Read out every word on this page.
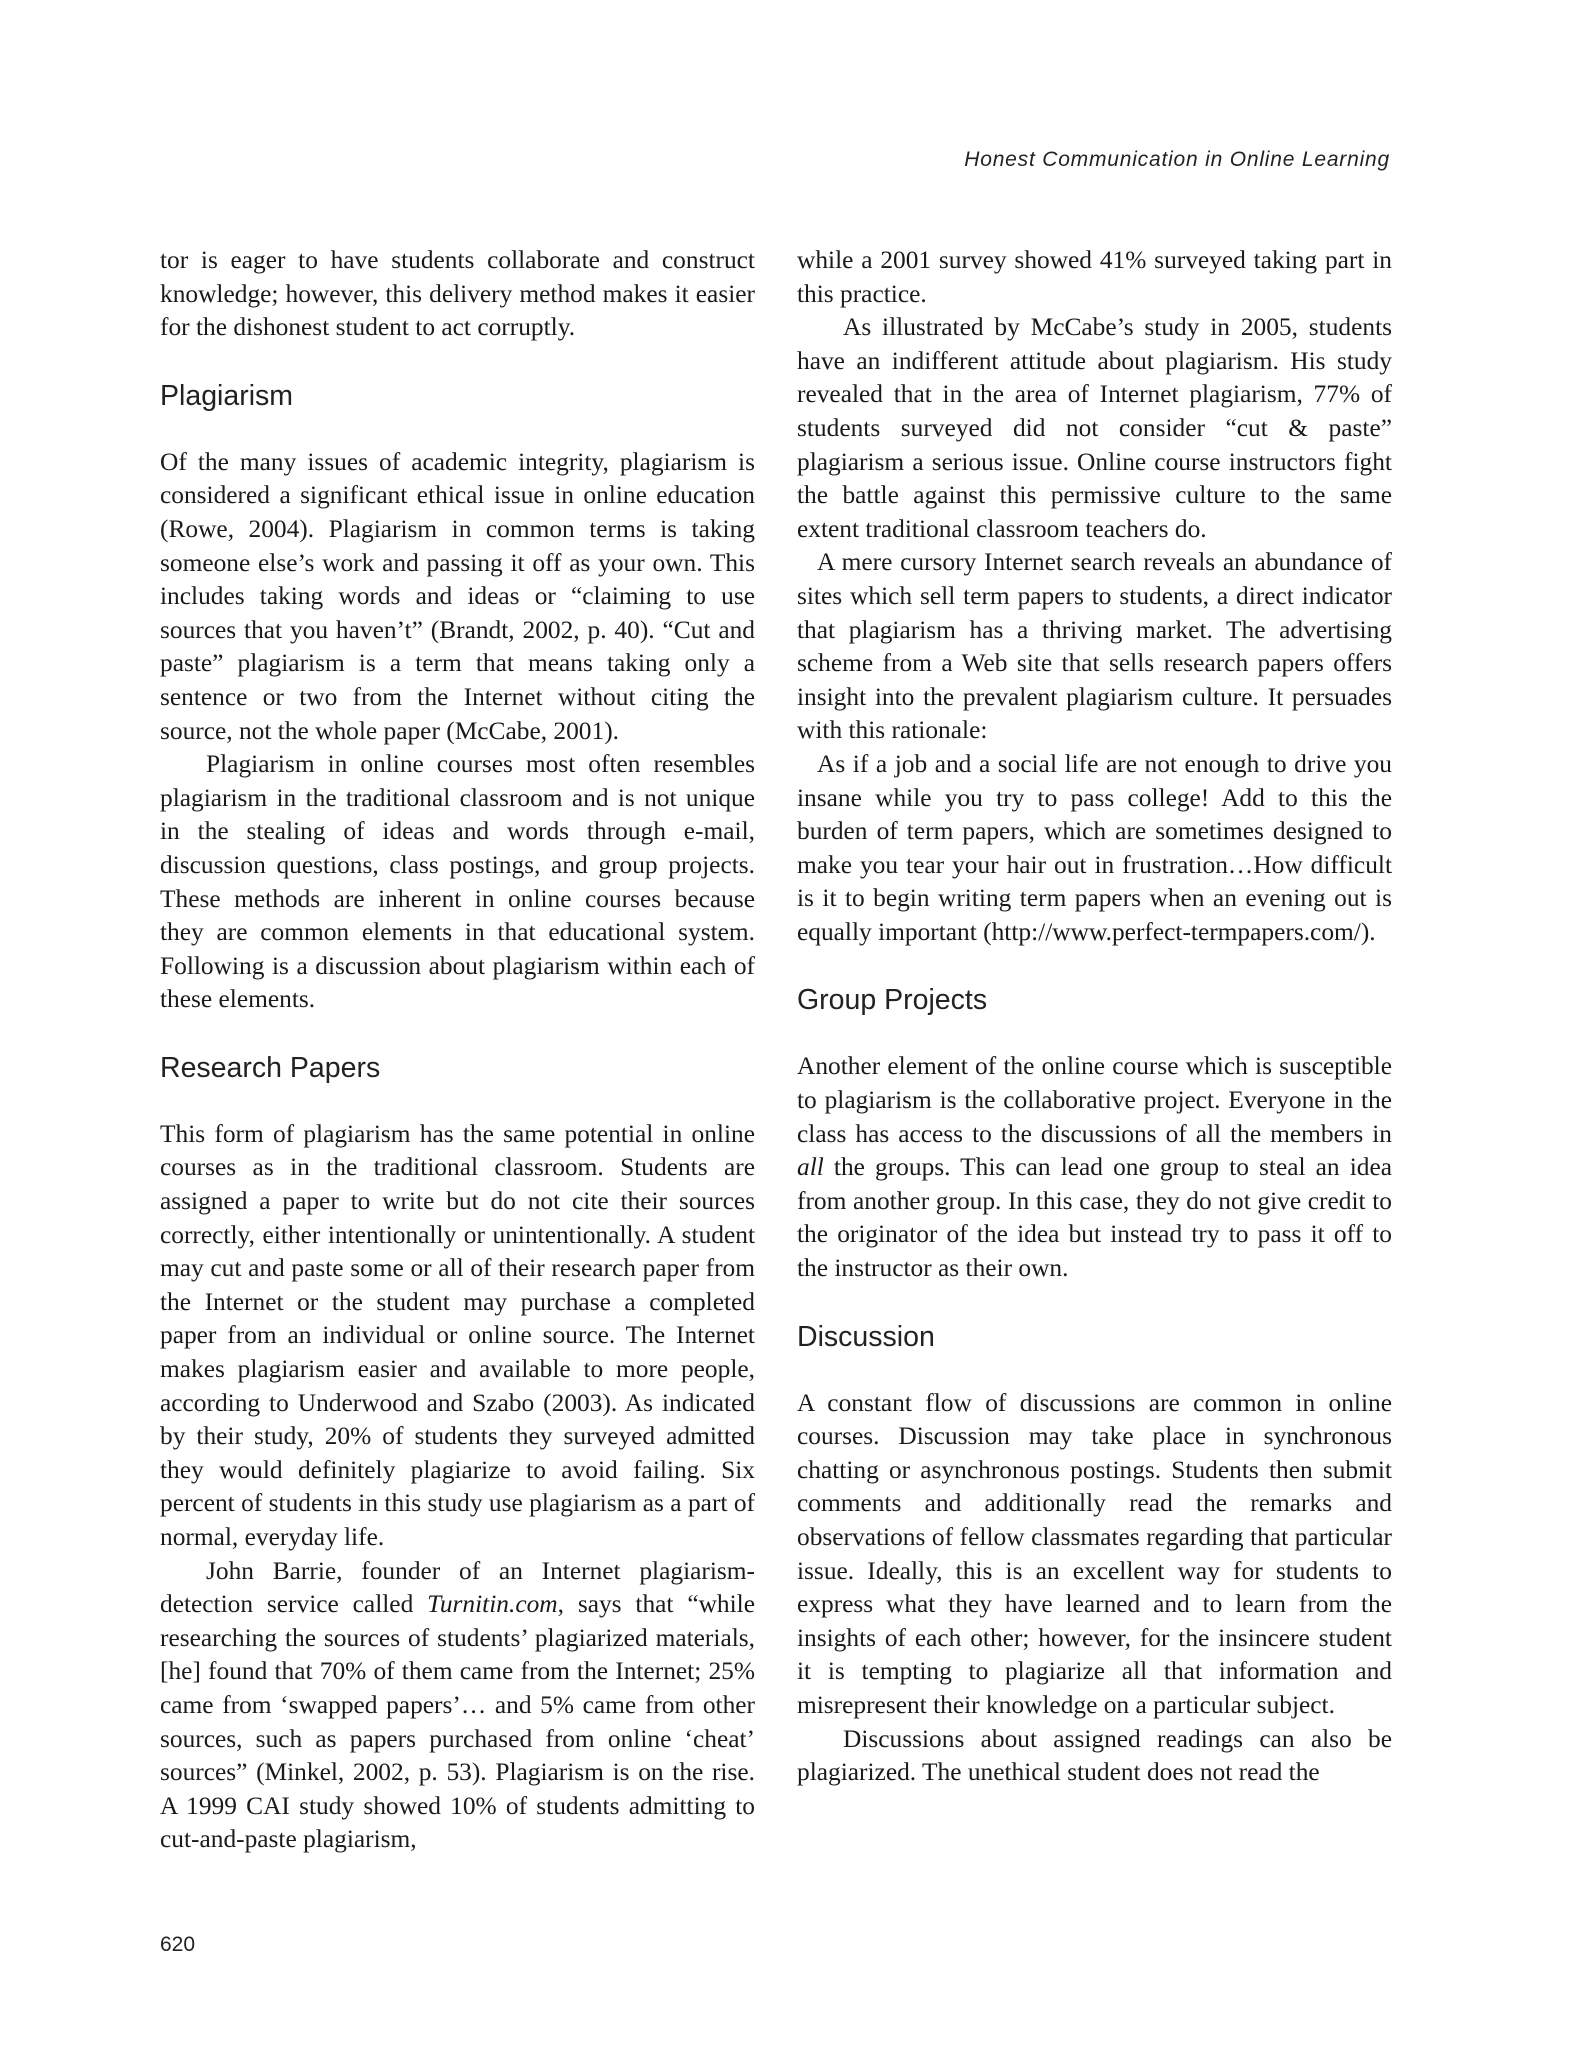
Honest Communication in Online Learning

tor is eager to have students collaborate and construct knowledge; however, this delivery method makes it easier for the dishonest student to act corruptly.

Plagiarism

Of the many issues of academic integrity, plagiarism is considered a significant ethical issue in online education (Rowe, 2004). Plagiarism in common terms is taking someone else’s work and passing it off as your own. This includes taking words and ideas or “claiming to use sources that you haven’t” (Brandt, 2002, p. 40). “Cut and paste” plagiarism is a term that means taking only a sentence or two from the Internet without citing the source, not the whole paper (McCabe, 2001).

Plagiarism in online courses most often resembles plagiarism in the traditional classroom and is not unique in the stealing of ideas and words through e-mail, discussion questions, class postings, and group projects. These methods are inherent in online courses because they are common elements in that educational system. Following is a discussion about plagiarism within each of these elements.

Research Papers

This form of plagiarism has the same potential in online courses as in the traditional classroom. Students are assigned a paper to write but do not cite their sources correctly, either intentionally or unintentionally. A student may cut and paste some or all of their research paper from the Internet or the student may purchase a completed paper from an individual or online source. The Internet makes plagiarism easier and available to more people, according to Underwood and Szabo (2003). As indicated by their study, 20% of students they surveyed admitted they would definitely plagiarize to avoid failing. Six percent of students in this study use plagiarism as a part of normal, everyday life.

John Barrie, founder of an Internet plagiarism-detection service called Turnitin.com, says that “while researching the sources of students’ plagiarized materials, [he] found that 70% of them came from the Internet; 25% came from ‘swapped papers’… and 5% came from other sources, such as papers purchased from online ‘cheat’ sources” (Minkel, 2002, p. 53). Plagiarism is on the rise. A 1999 CAI study showed 10% of students admitting to cut-and-paste plagiarism,

while a 2001 survey showed 41% surveyed taking part in this practice.

As illustrated by McCabe’s study in 2005, students have an indifferent attitude about plagiarism. His study revealed that in the area of Internet plagiarism, 77% of students surveyed did not consider “cut & paste” plagiarism a serious issue. Online course instructors fight the battle against this permissive culture to the same extent traditional classroom teachers do.

A mere cursory Internet search reveals an abundance of sites which sell term papers to students, a direct indicator that plagiarism has a thriving market. The advertising scheme from a Web site that sells research papers offers insight into the prevalent plagiarism culture. It persuades with this rationale:

As if a job and a social life are not enough to drive you insane while you try to pass college! Add to this the burden of term papers, which are sometimes designed to make you tear your hair out in frustration…How difficult is it to begin writing term papers when an evening out is equally important (http://www.perfect-termpapers.com/).

Group Projects

Another element of the online course which is susceptible to plagiarism is the collaborative project. Everyone in the class has access to the discussions of all the members in all the groups. This can lead one group to steal an idea from another group. In this case, they do not give credit to the originator of the idea but instead try to pass it off to the instructor as their own.

Discussion

A constant flow of discussions are common in online courses. Discussion may take place in synchronous chatting or asynchronous postings. Students then submit comments and additionally read the remarks and observations of fellow classmates regarding that particular issue. Ideally, this is an excellent way for students to express what they have learned and to learn from the insights of each other; however, for the insincere student it is tempting to plagiarize all that information and misrepresent their knowledge on a particular subject.

Discussions about assigned readings can also be plagiarized. The unethical student does not read the

620
